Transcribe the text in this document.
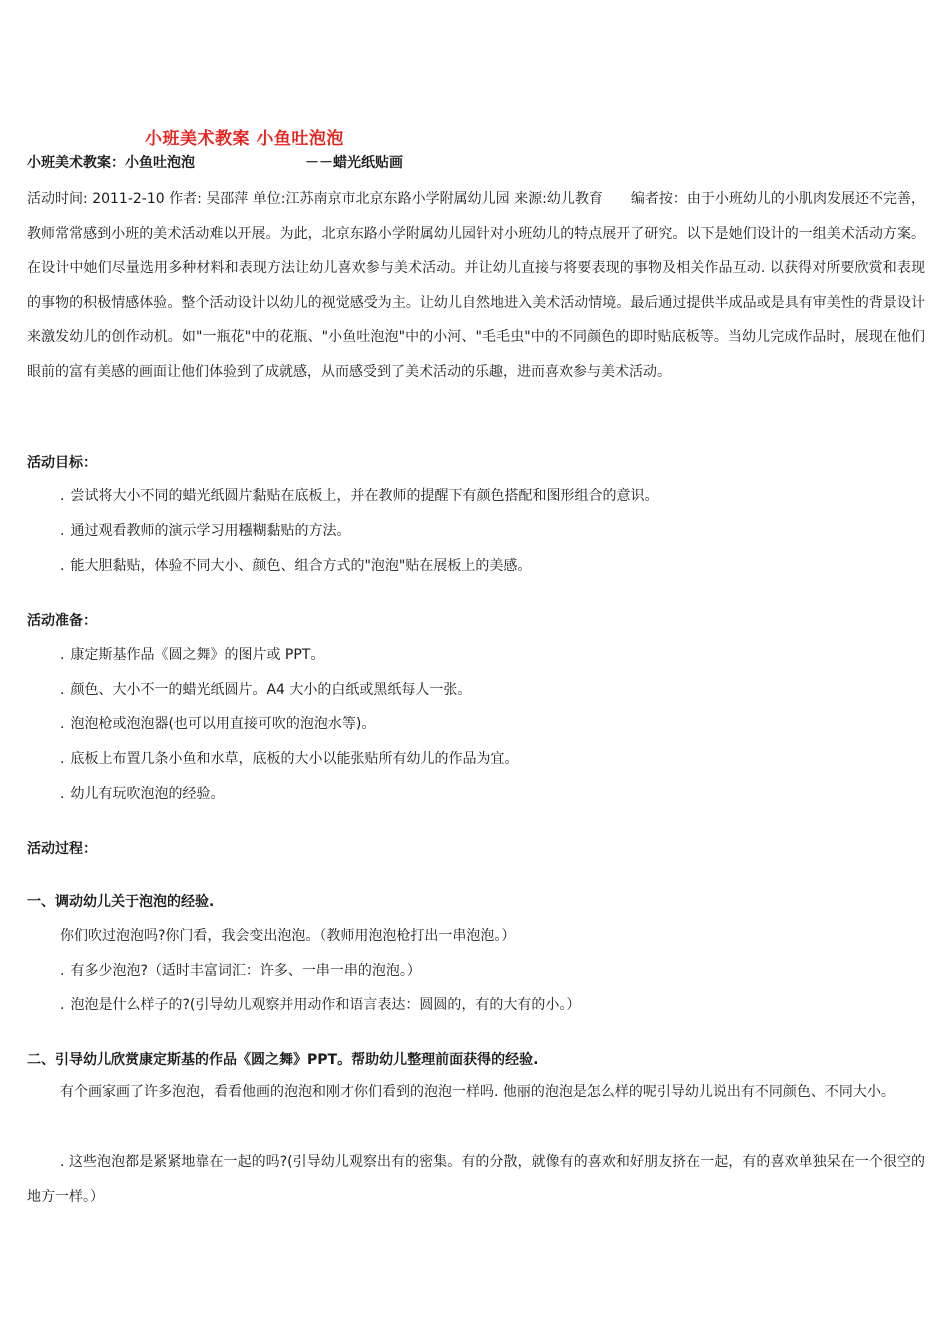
小班美术教案 小鱼吐泡泡
小班美术教案：小鱼吐泡泡	－－蜡光纸贴画
活动时间: 2011-2-10 作者: 吴邵萍 单位:江苏南京市北京东路小学附属幼儿园 来源:幼儿教育　　编者按：由于小班幼儿的小肌肉发展还不完善，教师常常感到小班的美术活动难以开展。为此，北京东路小学附属幼儿园针对小班幼儿的特点展开了研究。以下是她们设计的一组美术活动方案。在设计中她们尽量选用多种材料和表现方法让幼儿喜欢参与美术活动。并让幼儿直接与将要表现的事物及相关作品互动. 以获得对所要欣赏和表现的事物的积极情感体验。整个活动设计以幼儿的视觉感受为主。让幼儿自然地进入美术活动情境。最后通过提供半成品或是具有审美性的背景设计来激发幼儿的创作动机。如"一瓶花"中的花瓶、"小鱼吐泡泡"中的小河、"毛毛虫"中的不同颜色的即时贴底板等。当幼儿完成作品时，展现在他们眼前的富有美感的画面让他们体验到了成就感，从而感受到了美术活动的乐趣，进而喜欢参与美术活动。
活动目标：
. 尝试将大小不同的蜡光纸圆片黏贴在底板上，并在教师的提醒下有颜色搭配和图形组合的意识。
. 通过观看教师的演示学习用糨糊黏贴的方法。
. 能大胆黏贴，体验不同大小、颜色、组合方式的"泡泡"贴在展板上的美感。
活动准备：
. 康定斯基作品《圆之舞》的图片或 PPT。
. 颜色、大小不一的蜡光纸圆片。A4 大小的白纸或黑纸每人一张。
. 泡泡枪或泡泡器(也可以用直接可吹的泡泡水等)。
. 底板上布置几条小鱼和水草，底板的大小以能张贴所有幼儿的作品为宜。
. 幼儿有玩吹泡泡的经验。
活动过程：
一、调动幼儿关于泡泡的经验.
你们吹过泡泡吗?你门看，我会变出泡泡。（教师用泡泡枪打出一串泡泡。）
. 有多少泡泡?（适时丰富词汇：许多、一串一串的泡泡。）
. 泡泡是什么样子的?(引导幼儿观察并用动作和语言表达：圆圆的，有的大有的小。）
二、引导幼儿欣赏康定斯基的作品《圆之舞》PPT。帮助幼儿整理前面获得的经验.
有个画家画了许多泡泡，看看他画的泡泡和刚才你们看到的泡泡一样吗. 他丽的泡泡是怎么样的呢引导幼儿说出有不同颜色、不同大小。
. 这些泡泡都是紧紧地靠在一起的吗?(引导幼儿观察出有的密集。有的分散，就像有的喜欢和好朋友挤在一起，有的喜欢单独呆在一个很空的地方一样。）
